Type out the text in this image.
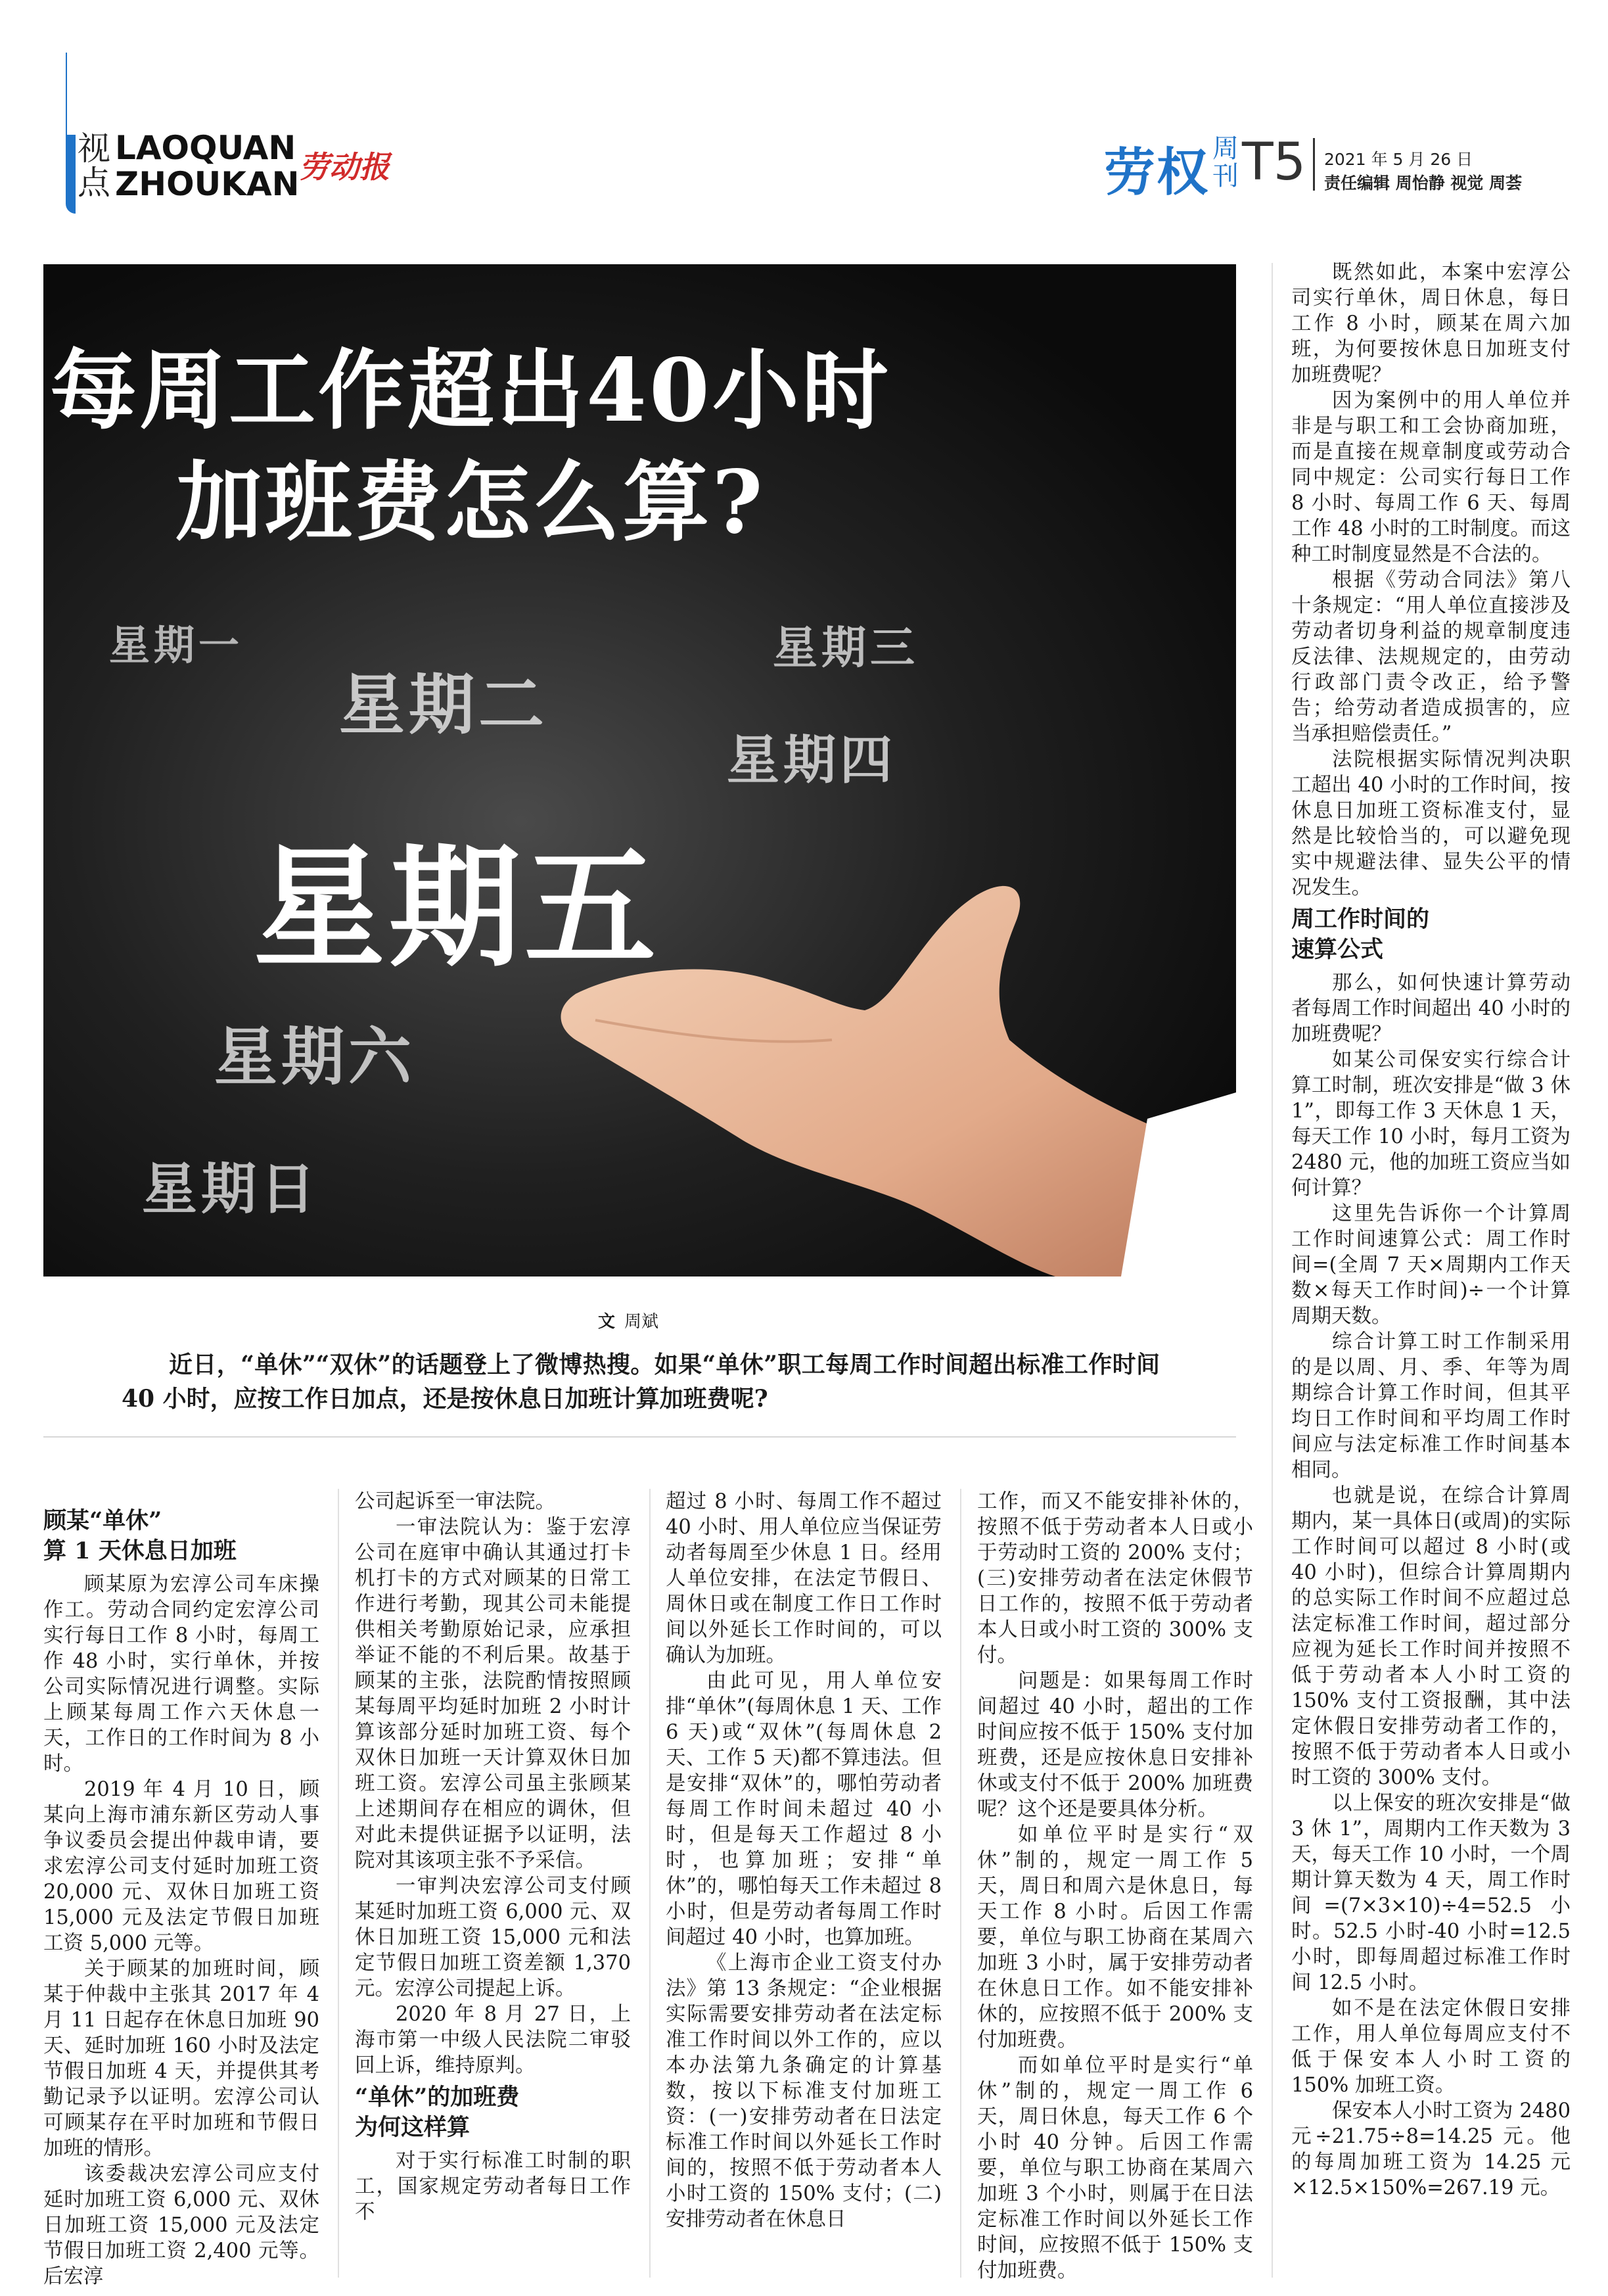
视点
LAOQUAN
ZHOUKAN 劳动报	劳权 周刊 T5 2021 年 5 月 26 日
责任编辑 周怡静 视觉 周荟
每周工作超出40小时
加班费怎么算?
星期一
星期二
星期三
星期四
星期五
星期六
星期日
文 周斌
近日，“单休”“双休”的话题登上了微博热搜。如果“单休”职工每周工作时间超出标准工作时间 40 小时，应按工作日加点，还是按休息日加班计算加班费呢?
顾某“单休”
算 1 天休息日加班

顾某原为宏淳公司车床操作工。劳动合同约定宏淳公司实行每日工作 8 小时，每周工作 48 小时，实行单休，并按公司实际情况进行调整。实际上顾某每周工作六天休息一天，工作日的工作时间为 8 小时。

2019 年 4 月 10 日，顾某向上海市浦东新区劳动人事争议委员会提出仲裁申请，要求宏淳公司支付延时加班工资 20,000 元、双休日加班工资 15,000 元及法定节假日加班工资 5,000 元等。

关于顾某的加班时间，顾某于仲裁中主张其 2017 年 4 月 11 日起存在休息日加班 90 天、延时加班 160 小时及法定节假日加班 4 天，并提供其考勤记录予以证明。宏淳公司认可顾某存在平时加班和节假日加班的情形。

该委裁决宏淳公司应支付延时加班工资 6,000 元、双休日加班工资 15,000 元及法定节假日加班工资 2,400 元等。后宏淳

公司起诉至一审法院。

一审法院认为：鉴于宏淳公司在庭审中确认其通过打卡机打卡的方式对顾某的日常工作进行考勤，现其公司未能提供相关考勤原始记录，应承担举证不能的不利后果。故基于顾某的主张，法院酌情按照顾某每周平均延时加班 2 小时计算该部分延时加班工资、每个双休日加班一天计算双休日加班工资。宏淳公司虽主张顾某上述期间存在相应的调休，但对此未提供证据予以证明，法院对其该项主张不予采信。

一审判决宏淳公司支付顾某延时加班工资 6,000 元、双休日加班工资 15,000 元和法定节假日加班工资差额 1,370 元。宏淳公司提起上诉。

2020 年 8 月 27 日，上海市第一中级人民法院二审驳回上诉，维持原判。

“单休”的加班费
为何这样算

对于实行标准工时制的职工，国家规定劳动者每日工作不

超过 8 小时、每周工作不超过 40 小时、用人单位应当保证劳动者每周至少休息 1 日。经用人单位安排，在法定节假日、周休日或在制度工作日工作时间以外延长工作时间的，可以确认为加班。

由此可见，用人单位安排“单休”(每周休息 1 天、工作 6 天)或“双休”(每周休息 2 天、工作 5 天)都不算违法。但是安排“双休”的，哪怕劳动者每周工作时间未超过 40 小时，但是每天工作超过 8 小时，也算加班；安排“单休”的，哪怕每天工作未超过 8 小时，但是劳动者每周工作时间超过 40 小时，也算加班。

《上海市企业工资支付办法》第 13 条规定：“企业根据实际需要安排劳动者在法定标准工作时间以外工作的，应以本办法第九条确定的计算基数，按以下标准支付加班工资：(一)安排劳动者在日法定标准工作时间以外延长工作时间的，按照不低于劳动者本人小时工资的 150% 支付；(二)安排劳动者在休息日

工作，而又不能安排补休的，按照不低于劳动者本人日或小于劳动时工资的 200% 支付；(三)安排劳动者在法定休假节日工作的，按照不低于劳动者本人日或小时工资的 300% 支付。

问题是：如果每周工作时间超过 40 小时，超出的工作时间应按不低于 150% 支付加班费，还是应按休息日安排补休或支付不低于 200% 加班费呢？这个还是要具体分析。

如单位平时是实行“双休”制的，规定一周工作 5 天，周日和周六是休息日，每天工作 8 小时。后因工作需要，单位与职工协商在某周六加班 3 小时，属于安排劳动者在休息日工作。如不能安排补休的，应按照不低于 200% 支付加班费。

而如单位平时是实行“单休”制的，规定一周工作 6 天，周日休息，每天工作 6 个小时 40 分钟。后因工作需要，单位与职工协商在某周六加班 3 个小时，则属于在日法定标准工作时间以外延长工作时间，应按照不低于 150% 支付加班费。

既然如此，本案中宏淳公司实行单休，周日休息，每日工作 8 小时，顾某在周六加班，为何要按休息日加班支付加班费呢？

因为案例中的用人单位并非是与职工和工会协商加班，而是直接在规章制度或劳动合同中规定：公司实行每日工作 8 小时、每周工作 6 天、每周工作 48 小时的工时制度。而这种工时制度显然是不合法的。

根据《劳动合同法》第八十条规定：“用人单位直接涉及劳动者切身利益的规章制度违反法律、法规规定的，由劳动行政部门责令改正，给予警告；给劳动者造成损害的，应当承担赔偿责任。”

法院根据实际情况判决职工超出 40 小时的工作时间，按休息日加班工资标准支付，显然是比较恰当的，可以避免现实中规避法律、显失公平的情况发生。

周工作时间的
速算公式

那么，如何快速计算劳动者每周工作时间超出 40 小时的加班费呢？

如某公司保安实行综合计算工时制，班次安排是“做 3 休 1”，即每工作 3 天休息 1 天，每天工作 10 小时，每月工资为 2480 元，他的加班工资应当如何计算？

这里先告诉你一个计算周工作时间速算公式：周工作时间=(全周 7 天×周期内工作天数×每天工作时间)÷一个计算周期天数。

综合计算工时工作制采用的是以周、月、季、年等为周期综合计算工作时间，但其平均日工作时间和平均周工作时间应与法定标准工作时间基本相同。

也就是说，在综合计算周期内，某一具体日(或周)的实际工作时间可以超过 8 小时(或 40 小时)，但综合计算周期内的总实际工作时间不应超过总法定标准工作时间，超过部分应视为延长工作时间并按照不低于劳动者本人小时工资的 150% 支付工资报酬，其中法定休假日安排劳动者工作的，按照不低于劳动者本人日或小时工资的 300% 支付。

以上保安的班次安排是“做 3 休 1”，周期内工作天数为 3 天，每天工作 10 小时，一个周期计算天数为 4 天，周工作时间=(7×3×10)÷4=52.5 小时。52.5 小时-40 小时=12.5 小时，即每周超过标准工作时间 12.5 小时。

如不是在法定休假日安排工作，用人单位每周应支付不低于保安本人小时工资的 150% 加班工资。

保安本人小时工资为 2480 元÷21.75÷8=14.25 元。他的每周加班工资为 14.25 元×12.5×150%=267.19 元。
